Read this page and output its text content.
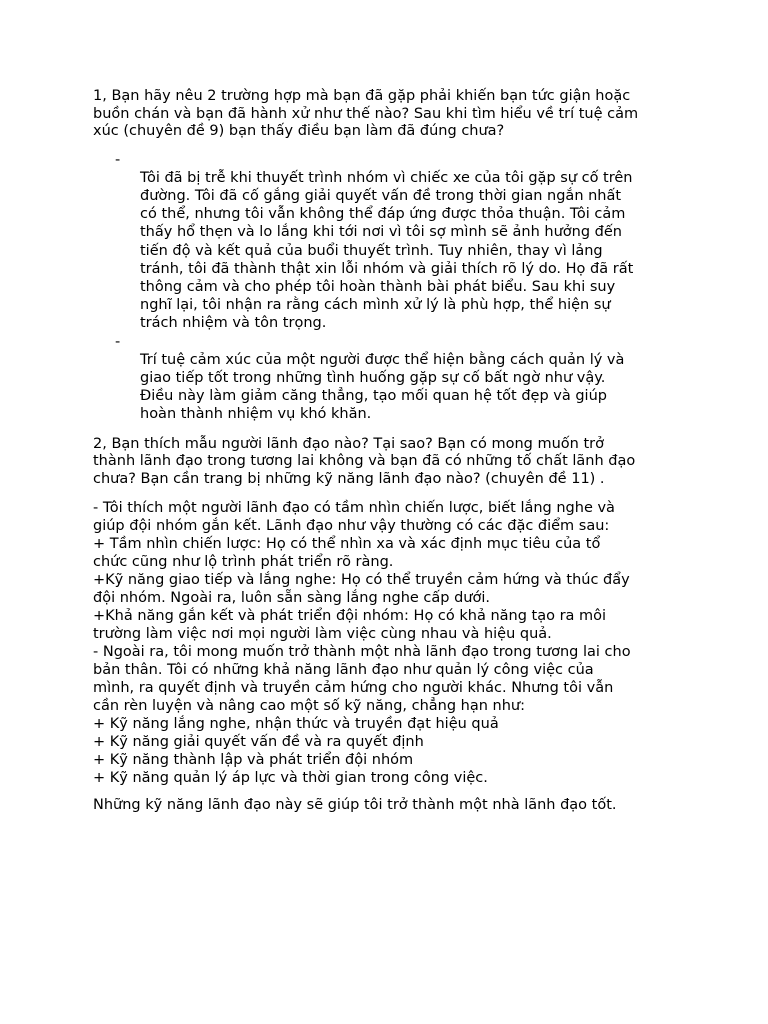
1, Bạn hãy nêu 2 trường hợp mà bạn đã gặp phải khiến bạn tức giận hoặc
buồn chán và bạn đã hành xử như thế nào? Sau khi tìm hiểu về trí tuệ cảm
xúc (chuyên đề 9) bạn thấy điều bạn làm đã đúng chưa?

-
Tôi đã bị trễ khi thuyết trình nhóm vì chiếc xe của tôi gặp sự cố trên
đường. Tôi đã cố gắng giải quyết vấn đề trong thời gian ngắn nhất
có thể, nhưng tôi vẫn không thể đáp ứng được thỏa thuận. Tôi cảm
thấy hổ thẹn và lo lắng khi tới nơi vì tôi sợ mình sẽ ảnh hưởng đến
tiến độ và kết quả của buổi thuyết trình. Tuy nhiên, thay vì lảng
tránh, tôi đã thành thật xin lỗi nhóm và giải thích rõ lý do. Họ đã rất
thông cảm và cho phép tôi hoàn thành bài phát biểu. Sau khi suy
nghĩ lại, tôi nhận ra rằng cách mình xử lý là phù hợp, thể hiện sự
trách nhiệm và tôn trọng.

-
Trí tuệ cảm xúc của một người được thể hiện bằng cách quản lý và
giao tiếp tốt trong những tình huống gặp sự cố bất ngờ như vậy.
Điều này làm giảm căng thẳng, tạo mối quan hệ tốt đẹp và giúp
hoàn thành nhiệm vụ khó khăn.

2, Bạn thích mẫu người lãnh đạo nào? Tại sao? Bạn có mong muốn trở
thành lãnh đạo trong tương lai không và bạn đã có những tố chất lãnh đạo
chưa? Bạn cần trang bị những kỹ năng lãnh đạo nào? (chuyên đề 11) .

- Tôi thích một người lãnh đạo có tầm nhìn chiến lược, biết lắng nghe và
giúp đội nhóm gắn kết. Lãnh đạo như vậy thường có các đặc điểm sau:

+ Tầm nhìn chiến lược: Họ có thể nhìn xa và xác định mục tiêu của tổ
chức cũng như lộ trình phát triển rõ ràng.

+Kỹ năng giao tiếp và lắng nghe: Họ có thể truyền cảm hứng và thúc đẩy
đội nhóm. Ngoài ra, luôn sẵn sàng lắng nghe cấp dưới.

+Khả năng gắn kết và phát triển đội nhóm: Họ có khả năng tạo ra môi
trường làm việc nơi mọi người làm việc cùng nhau và hiệu quả.

- Ngoài ra, tôi mong muốn trở thành một nhà lãnh đạo trong tương lai cho
bản thân. Tôi có những khả năng lãnh đạo như quản lý công việc của
mình, ra quyết định và truyền cảm hứng cho người khác. Nhưng tôi vẫn
cần rèn luyện và nâng cao một số kỹ năng, chẳng hạn như:

+ Kỹ năng lắng nghe, nhận thức và truyền đạt hiệu quả

+ Kỹ năng giải quyết vấn đề và ra quyết định

+ Kỹ năng thành lập và phát triển đội nhóm

+ Kỹ năng quản lý áp lực và thời gian trong công việc.

Những kỹ năng lãnh đạo này sẽ giúp tôi trở thành một nhà lãnh đạo tốt.
